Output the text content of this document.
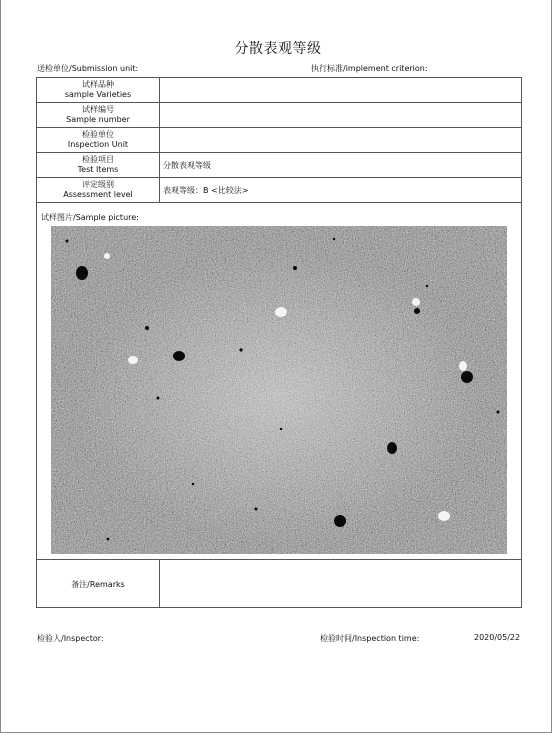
分散表观等级
送检单位/Submission unit:	执行标准/implement criterion:
试样品种
sample Varieties
试样编号
Sample number
检验单位
Inspection Unit
检验项目
Test Items	分散表观等级
评定级别
Assessment level	表观等级：B <比较法>
试样图片/Sample picture:
备注/Remarks
检验人/Inspector:	检验时间/Inspection time:	2020/05/22
